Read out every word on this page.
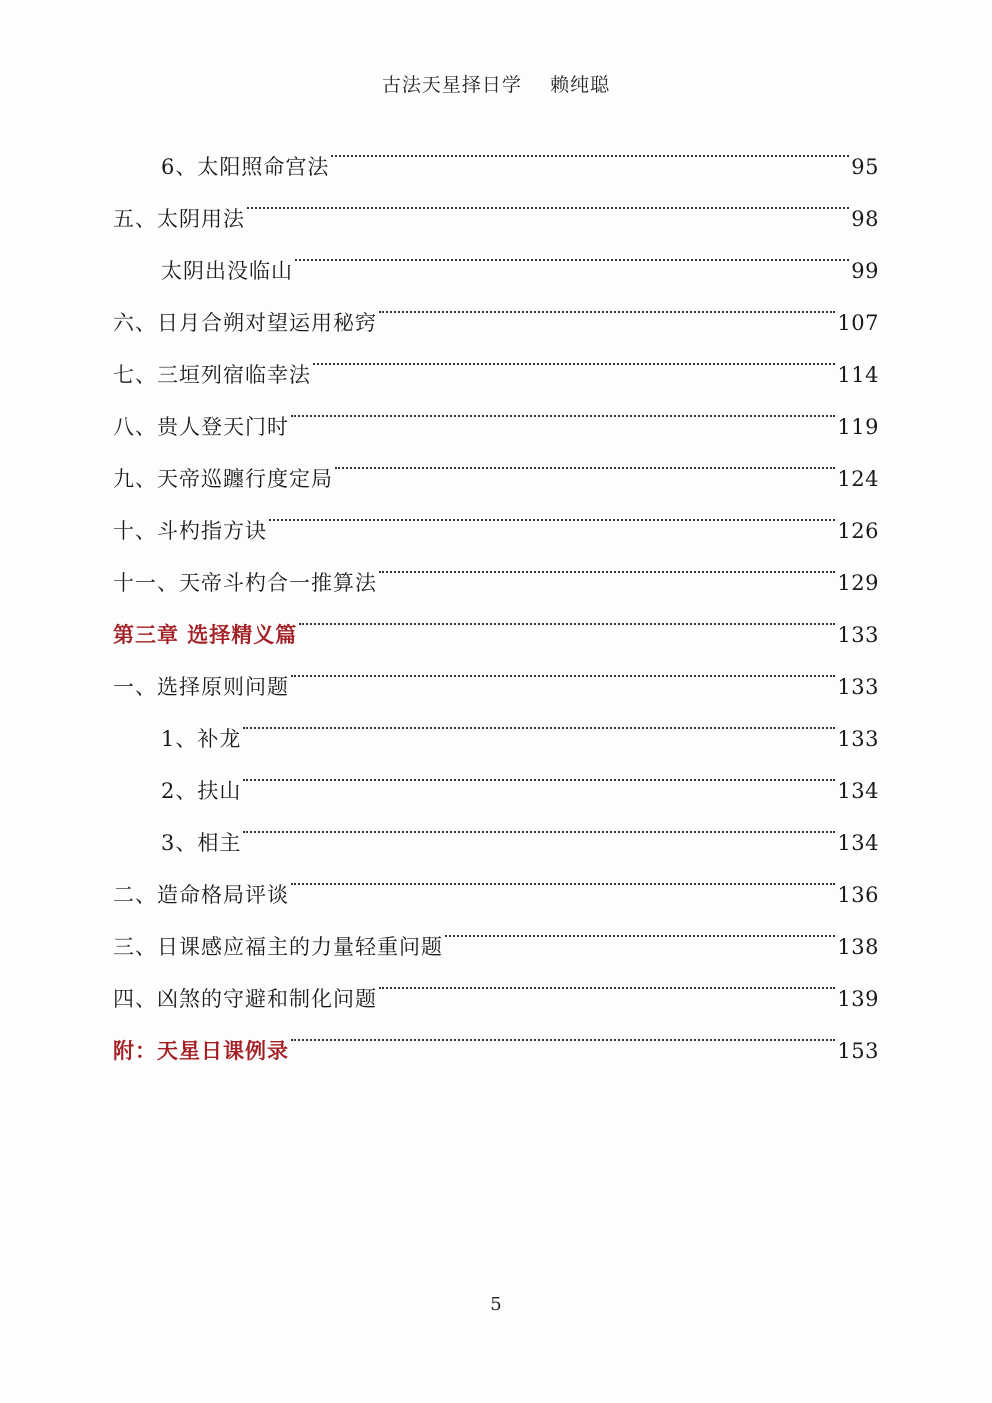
古法天星择日学 赖纯聪
6、太阳照命宫法	95
五、太阴用法	98
太阴出没临山	99
六、日月合朔对望运用秘窍	107
七、三垣列宿临幸法	114
八、贵人登天门时	119
九、天帝巡躔行度定局	124
十、斗杓指方诀	126
十一、天帝斗杓合一推算法	129
第三章 选择精义篇	133
一、选择原则问题	133
1、补龙	133
2、扶山	134
3、相主	134
二、造命格局评谈	136
三、日课感应福主的力量轻重问题	138
四、凶煞的守避和制化问题	139
附：天星日课例录	153
5
